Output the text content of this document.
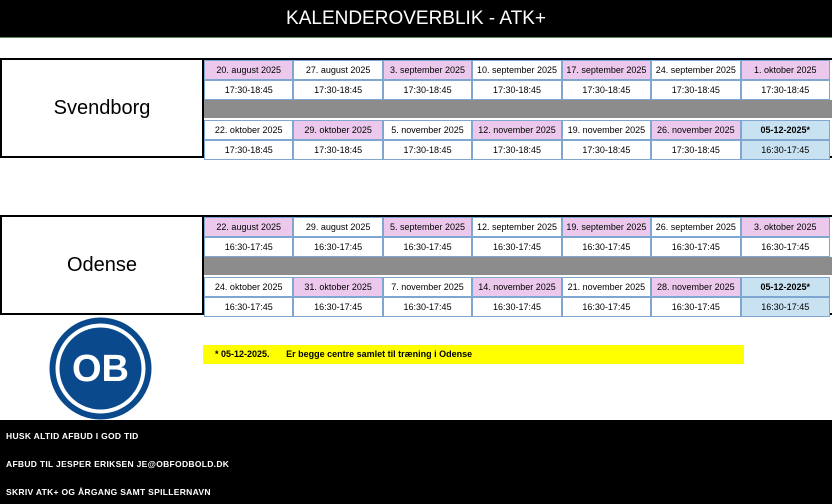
KALENDEROVERBLIK - ATK+
Svendborg
20. august 2025	27. august 2025	3. september 2025	10. september 2025	17. september 2025	24. september 2025	1. oktober 2025
17:30-18:45	17:30-18:45	17:30-18:45	17:30-18:45	17:30-18:45	17:30-18:45	17:30-18:45
22. oktober 2025	29. oktober 2025	5. november 2025	12. november 2025	19. november 2025	26. november 2025	05-12-2025*
17:30-18:45	17:30-18:45	17:30-18:45	17:30-18:45	17:30-18:45	17:30-18:45	16:30-17:45
Odense
22. august 2025	29. august 2025	5. september 2025	12. september 2025	19. september 2025	26. september 2025	3. oktober 2025
16:30-17:45	16:30-17:45	16:30-17:45	16:30-17:45	16:30-17:45	16:30-17:45	16:30-17:45
24. oktober 2025	31. oktober 2025	7. november 2025	14. november 2025	21. november 2025	28. november 2025	05-12-2025*
16:30-17:45	16:30-17:45	16:30-17:45	16:30-17:45	16:30-17:45	16:30-17:45	16:30-17:45
OB	* 05-12-2025. Er begge centre samlet til træning i Odense
HUSK ALTID AFBUD I GOD TID
AFBUD TIL JESPER ERIKSEN JE@OBFODBOLD.DK
SKRIV ATK+ OG ÅRGANG SAMT SPILLERNAVN
